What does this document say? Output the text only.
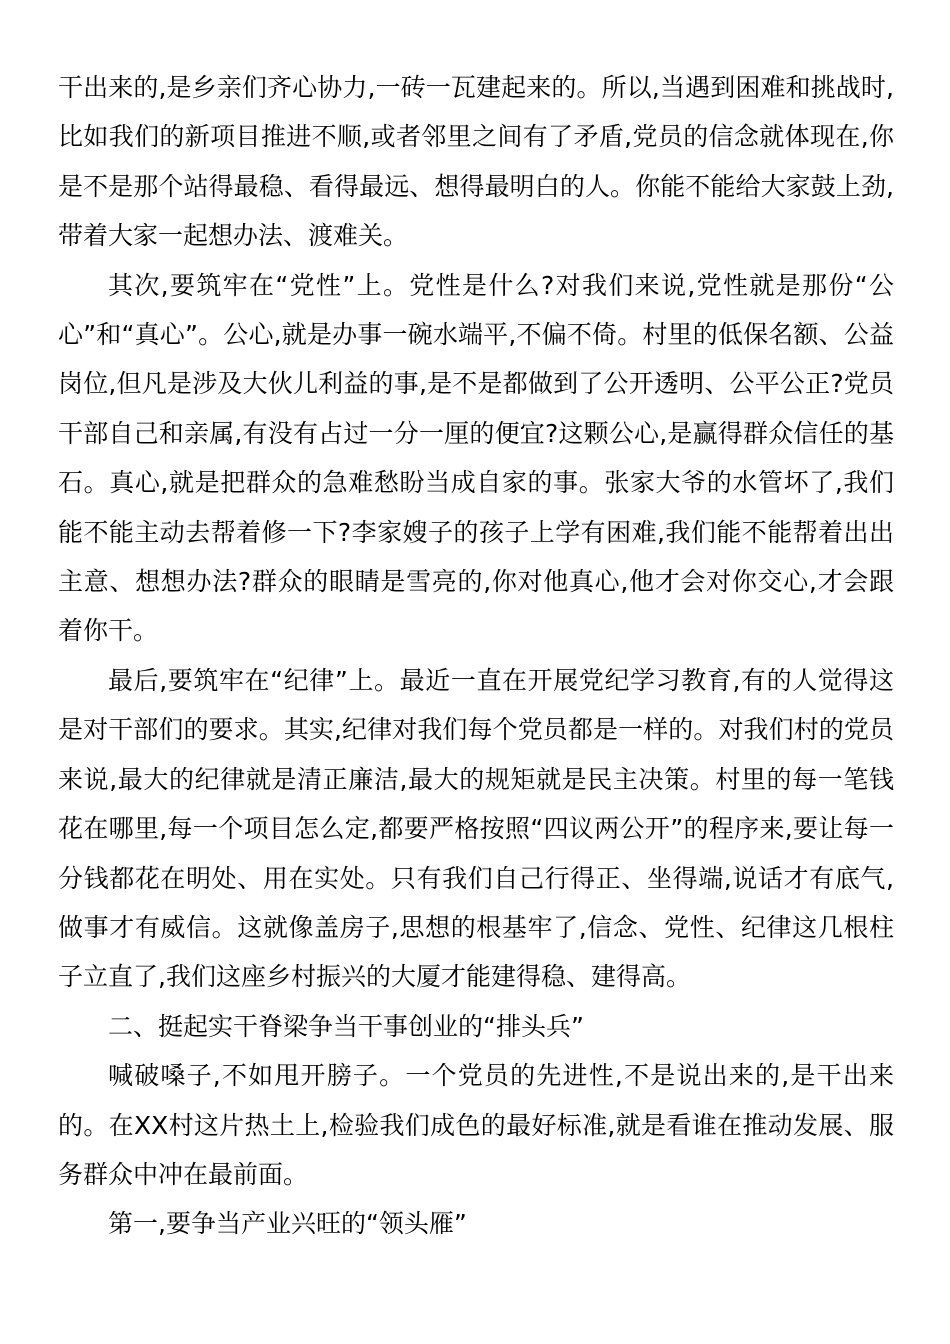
干出来的,是乡亲们齐心协力,一砖一瓦建起来的。所以,当遇到困难和挑战时,比如我们的新项目推进不顺,或者邻里之间有了矛盾,党员的信念就体现在,你是不是那个站得最稳、看得最远、想得最明白的人。你能不能给大家鼓上劲,带着大家一起想办法、渡难关。

其次,要筑牢在“党性”上。党性是什么?对我们来说,党性就是那份“公心”和“真心”。公心,就是办事一碗水端平,不偏不倚。村里的低保名额、公益岗位,但凡是涉及大伙儿利益的事,是不是都做到了公开透明、公平公正?党员干部自己和亲属,有没有占过一分一厘的便宜?这颗公心,是赢得群众信任的基石。真心,就是把群众的急难愁盼当成自家的事。张家大爷的水管坏了,我们能不能主动去帮着修一下?李家嫂子的孩子上学有困难,我们能不能帮着出出主意、想想办法?群众的眼睛是雪亮的,你对他真心,他才会对你交心,才会跟着你干。

最后,要筑牢在“纪律”上。最近一直在开展党纪学习教育,有的人觉得这是对干部们的要求。其实,纪律对我们每个党员都是一样的。对我们村的党员来说,最大的纪律就是清正廉洁,最大的规矩就是民主决策。村里的每一笔钱花在哪里,每一个项目怎么定,都要严格按照“四议两公开”的程序来,要让每一分钱都花在明处、用在实处。只有我们自己行得正、坐得端,说话才有底气,做事才有威信。这就像盖房子,思想的根基牢了,信念、党性、纪律这几根柱子立直了,我们这座乡村振兴的大厦才能建得稳、建得高。

二、挺起实干脊梁争当干事创业的“排头兵”

喊破嗓子,不如甩开膀子。一个党员的先进性,不是说出来的,是干出来的。在XX村这片热土上,检验我们成色的最好标准,就是看谁在推动发展、服务群众中冲在最前面。

第一,要争当产业兴旺的“领头雁”
